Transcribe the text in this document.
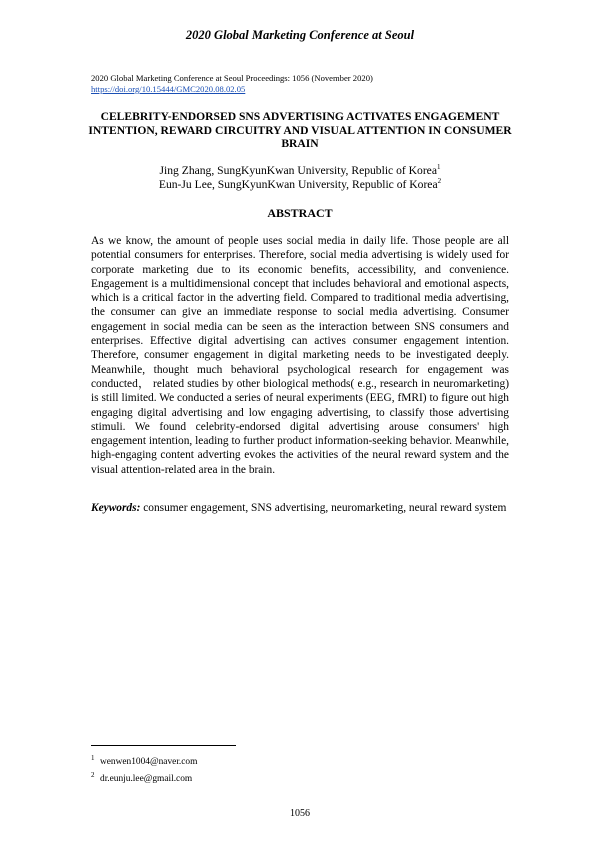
2020 Global Marketing Conference at Seoul
2020 Global Marketing Conference at Seoul Proceedings: 1056 (November 2020)
https://doi.org/10.15444/GMC2020.08.02.05
CELEBRITY-ENDORSED SNS ADVERTISING ACTIVATES ENGAGEMENT INTENTION, REWARD CIRCUITRY AND VISUAL ATTENTION IN CONSUMER BRAIN
Jing Zhang, SungKyunKwan University, Republic of Korea$^1$
Eun-Ju Lee, SungKyunKwan University, Republic of Korea$^2$
ABSTRACT

As we know, the amount of people uses social media in daily life. Those people are all potential consumers for enterprises. Therefore, social media advertising is widely used for corporate marketing due to its economic benefits, accessibility, and convenience. Engagement is a multidimensional concept that includes behavioral and emotional aspects, which is a critical factor in the adverting field. Compared to traditional media advertising, the consumer can give an immediate response to social media advertising. Consumer engagement in social media can be seen as the interaction between SNS consumers and enterprises. Effective digital advertising can actives consumer engagement intention. Therefore, consumer engagement in digital marketing needs to be investigated deeply. Meanwhile, thought much behavioral psychological research for engagement was conducted， related studies by other biological methods( e.g., research in neuromarketing) is still limited. We conducted a series of neural experiments (EEG, fMRI) to figure out high engaging digital advertising and low engaging advertising, to classify those advertising stimuli. We found celebrity-endorsed digital advertising arouse consumers' high engagement intention, leading to further product information-seeking behavior. Meanwhile, high-engaging content adverting evokes the activities of the neural reward system and the visual attention-related area in the brain.

Keywords: consumer engagement, SNS advertising, neuromarketing, neural reward system

1 wenwen1004@naver.com
2 dr.eunju.lee@gmail.com
1056
